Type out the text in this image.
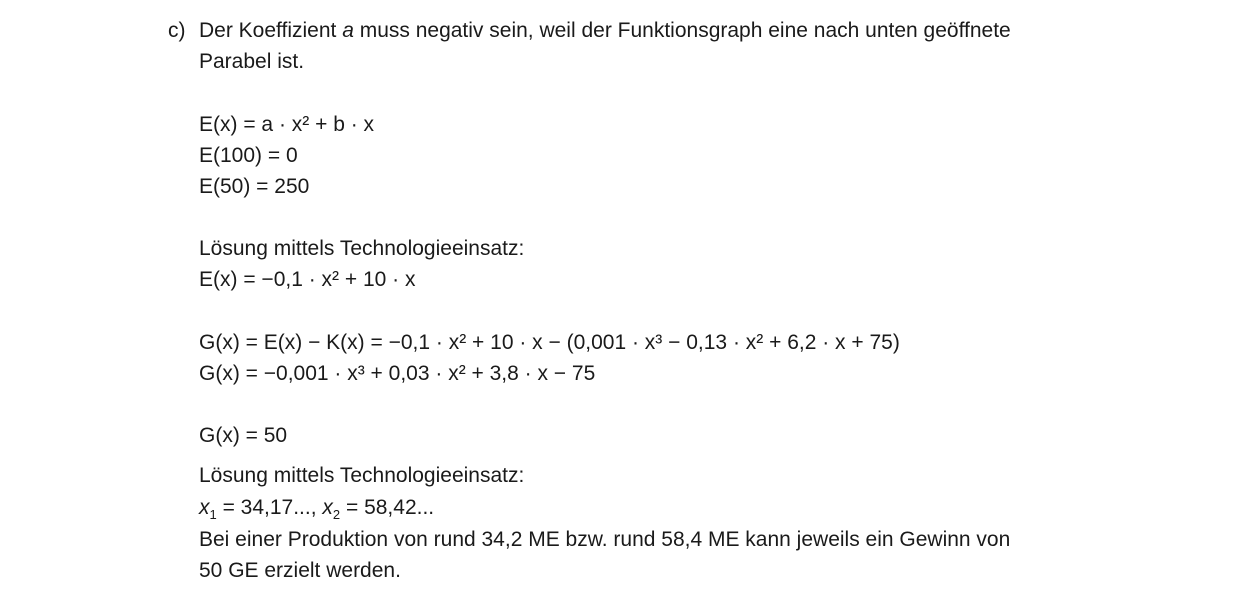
c) Der Koeffizient a muss negativ sein, weil der Funktionsgraph eine nach unten geöffnete
Parabel ist.
E(x) = a · x² + b · x
E(100) = 0
E(50) = 250
Lösung mittels Technologieeinsatz:
E(x) = −0,1 · x² + 10 · x
G(x) = E(x) − K(x) = −0,1 · x² + 10 · x − (0,001 · x³ − 0,13 · x² + 6,2 · x + 75)
G(x) = −0,001 · x³ + 0,03 · x² + 3,8 · x − 75
G(x) = 50
Lösung mittels Technologieeinsatz:
$x_1 = 34,17$..., $x_2 = 58,42$...
Bei einer Produktion von rund 34,2 ME bzw. rund 58,4 ME kann jeweils ein Gewinn von
50 GE erzielt werden.
